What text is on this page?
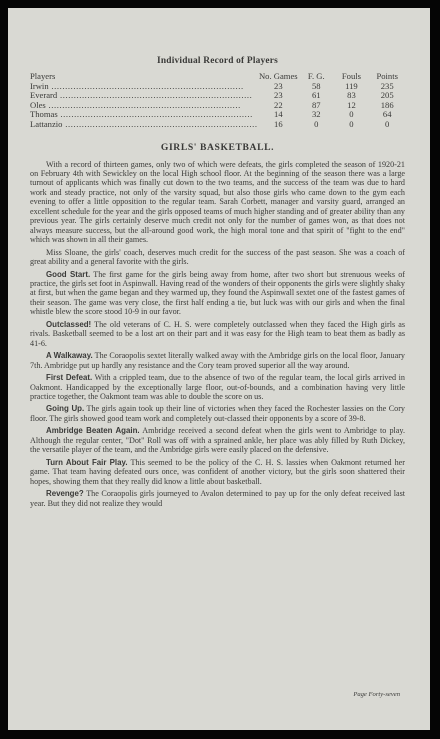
Individual Record of Players
Players	No. Games	F. G.	Fouls	Points
Irwin .....	23	58	119	235
Everard .....	23	61	83	205
Oles .....	22	87	12	186
Thomas .....	14	32	0	64
Lattanzio .....	16	0	0	0
GIRLS' BASKETBALL.

With a record of thirteen games, only two of which were defeats, the girls completed the season of 1920-21 on February 4th with Sewickley on the local High school floor. At the beginning of the season there was a large turnout of applicants which was finally cut down to the two teams, and the success of the team was due to hard work and steady practice, not only of the varsity squad, but also those girls who came down to the gym each evening to offer a little opposition to the regular team. Sarah Corbett, manager and varsity guard, arranged an excellent schedule for the year and the girls opposed teams of much higher standing and of greater ability than any previous year. The girls certainly deserve much credit not only for the number of games won, as that does not always measure success, but the all-around good work, the high moral tone and that spirit of "fight to the end" which was shown in all their games.

Miss Sloane, the girls' coach, deserves much credit for the success of the past season. She was a coach of great ability and a general favorite with the girls.

Good Start. The first game for the girls being away from home, after two short but strenuous weeks of practice, the girls set foot in Aspinwall. Having read of the wonders of their opponents the girls were slightly shaky at first, but when the game began and they warmed up, they found the Aspinwall sextet one of the fastest games of their season. The game was very close, the first half ending a tie, but luck was with our girls and when the final whistle blew the score stood 10-9 in our favor.

Outclassed! The old veterans of C. H. S. were completely outclassed when they faced the High girls as rivals. Basketball seemed to be a lost art on their part and it was easy for the High team to beat them as badly as 41-6.

A Walkaway. The Coraopolis sextet literally walked away with the Ambridge girls on the local floor, January 7th. Ambridge put up hardly any resistance and the Cory team proved superior all the way around.

First Defeat. With a crippled team, due to the absence of two of the regular team, the local girls arrived in Oakmont. Handicapped by the exceptionally large floor, out-of-bounds, and a combination having very little practice together, the Oakmont team was able to double the score on us.

Going Up. The girls again took up their line of victories when they faced the Rochester lassies on the Cory floor. The girls showed good team work and completely out-classed their opponents by a score of 39-8.

Ambridge Beaten Again. Ambridge received a second defeat when the girls went to Ambridge to play. Although the regular center, "Dot" Roll was off with a sprained ankle, her place was ably filled by Ruth Dickey, the versatile player of the team, and the Ambridge girls were easily placed on the defensive.

Turn About Fair Play. This seemed to be the policy of the C. H. S. lassies when Oakmont returned her game. That team having defeated ours once, was confident of another victory, but the girls soon shattered their hopes, showing them that they really did know a little about basketball.

Revenge? The Coraopolis girls journeyed to Avalon determined to pay up for the only defeat received last year. But they did not realize they would

Page Forty-seven
